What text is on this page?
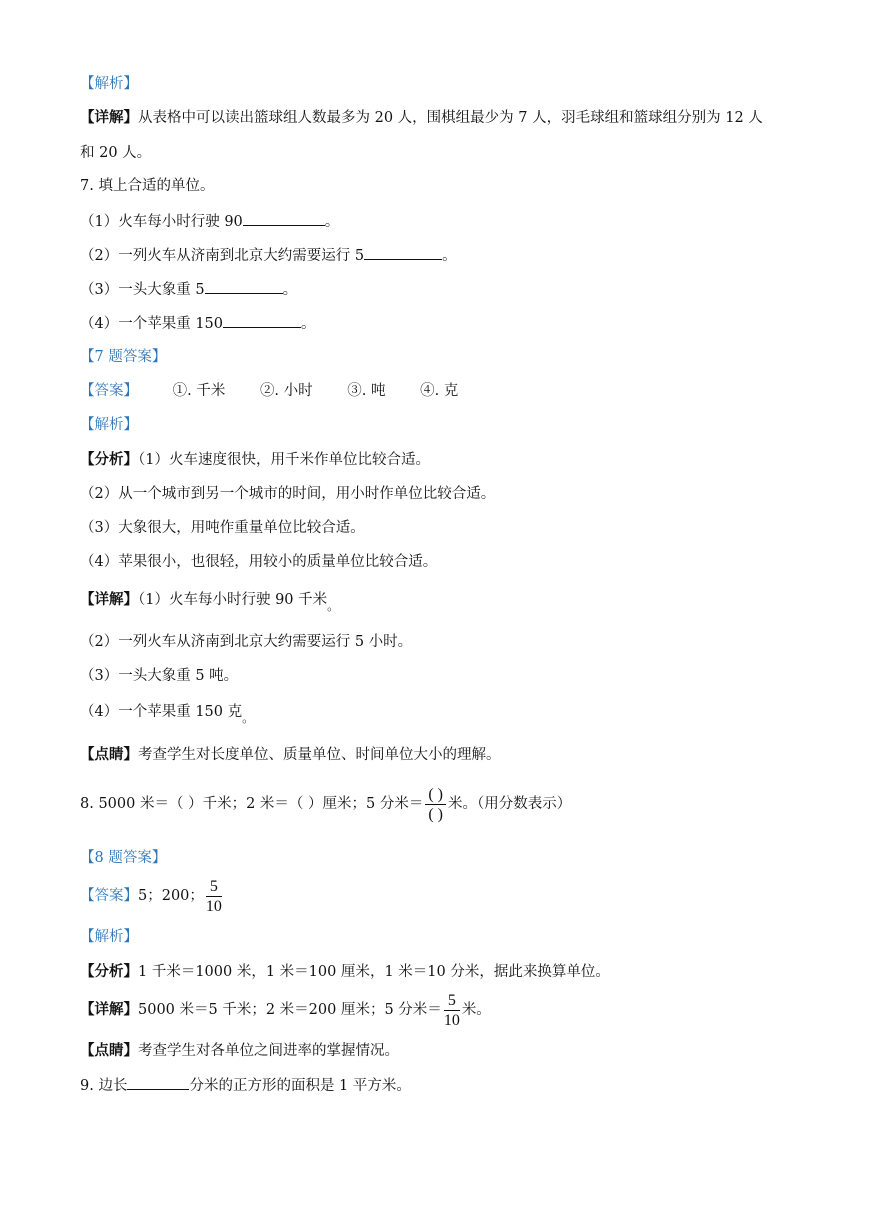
【解析】
【详解】从表格中可以读出篮球组人数最多为 20 人，围棋组最少为 7 人，羽毛球组和篮球组分别为 12 人
和 20 人。
7. 填上合适的单位。
（1）火车每小时行驶 90	。
（2）一列火车从济南到北京大约需要运行 5	。
（3）一头大象重 5	。
（4）一个苹果重 150	。
【7 题答案】
【答案】 ①. 千米 ②. 小时 ③. 吨 ④. 克
【解析】
【分析】（1）火车速度很快，用千米作单位比较合适。
（2）从一个城市到另一个城市的时间，用小时作单位比较合适。
（3）大象很大，用吨作重量单位比较合适。
（4）苹果很小，也很轻，用较小的质量单位比较合适。
【详解】（1）火车每小时行驶 90 千米$_。$
（2）一列火车从济南到北京大约需要运行 5 小时。
（3）一头大象重 5 吨。
（4）一个苹果重 150 克$_。$
【点睛】考查学生对长度单位、质量单位、时间单位大小的理解。
8. 5000 米＝（ ）千米；2 米＝（ ）厘米；5 分米＝ $\frac{( )}{( )}$ 米。（用分数表示）
【8 题答案】
【答案】5；200； $\frac{5}{10}$
【解析】
【分析】1 千米＝1000 米，1 米＝100 厘米，1 米＝10 分米，据此来换算单位。
【详解】5000 米＝5 千米；2 米＝200 厘米；5 分米＝ $\frac{5}{10}$ 米。
【点睛】考查学生对各单位之间进率的掌握情况。
9. 边长	分米的正方形的面积是 1 平方米。
